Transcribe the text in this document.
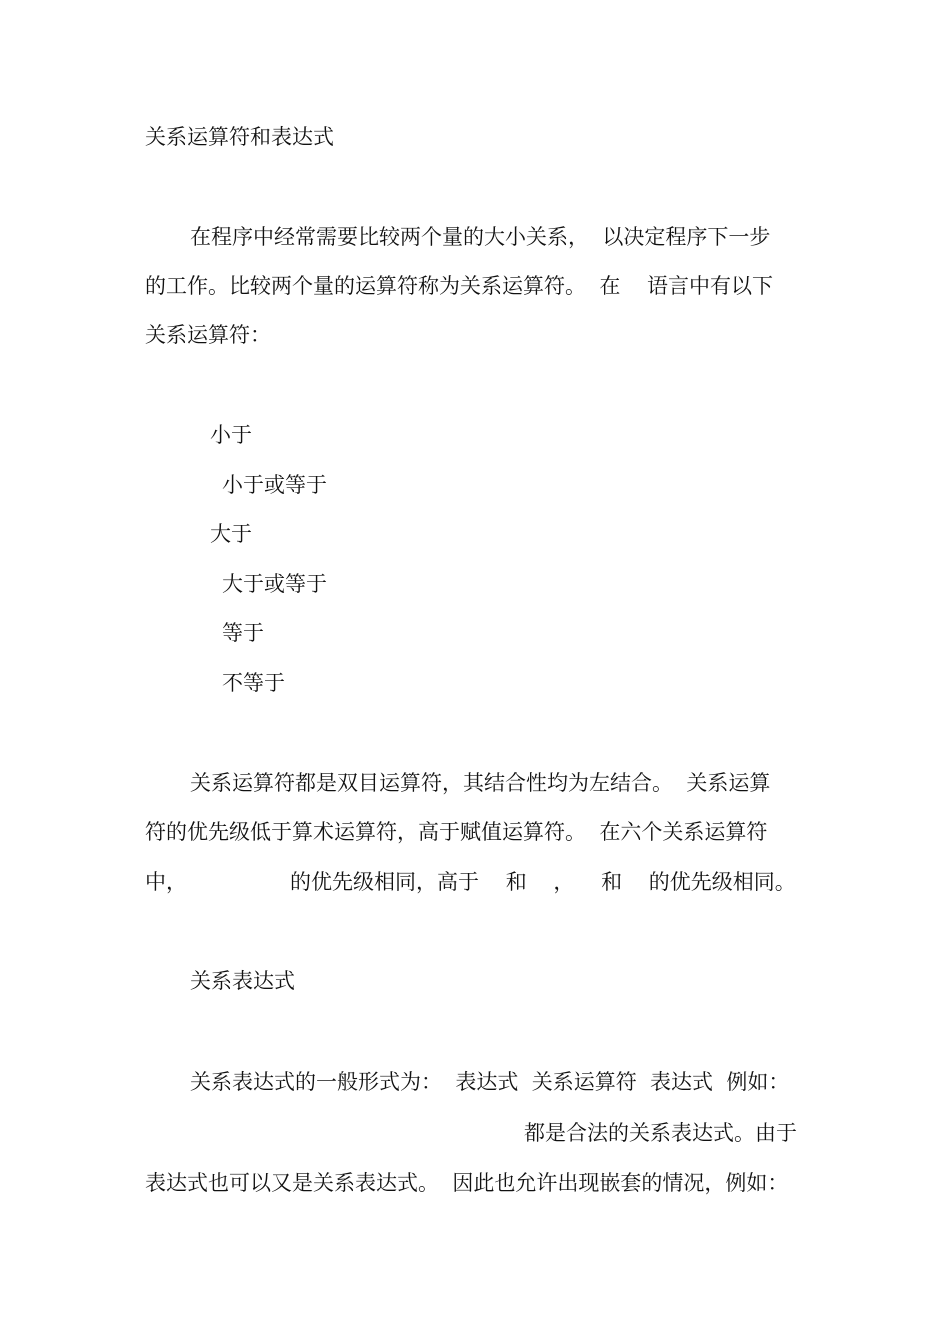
关系运算符和表达式
在程序中经常需要比较两个量的大小关系，  以决定程序下一步
的工作。比较两个量的运算符称为关系运算符。  在    语言中有以下
关系运算符：
小于
小于或等于
大于
大于或等于
等于
不等于
关系运算符都是双目运算符，其结合性均为左结合。  关系运算
符的优先级低于算术运算符，高于赋值运算符。  在六个关系运算符
中，	的优先级相同，高于    和    ，    和    的优先级相同。
关系表达式
关系表达式的一般形式为：  表达式  关系运算符  表达式  例如：
都是合法的关系表达式。由于
表达式也可以又是关系表达式。  因此也允许出现嵌套的情况，例如：
